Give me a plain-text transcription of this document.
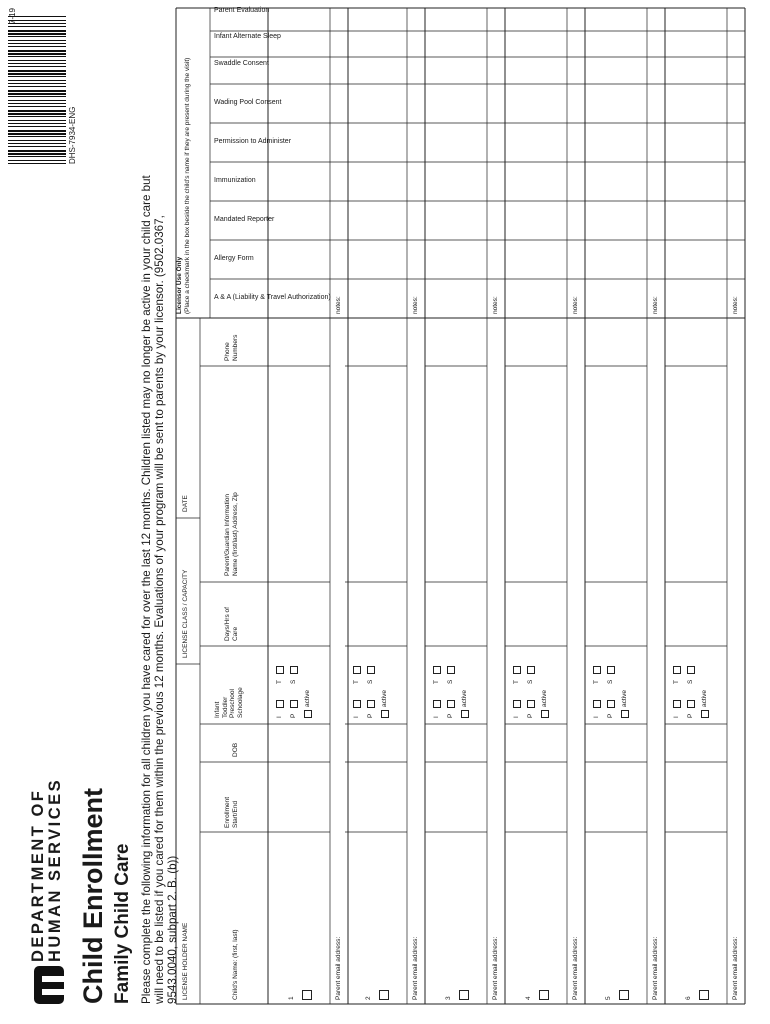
DEPARTMENT OF HUMAN SERVICES Child Enrollment Family Child Care Please complete the following information for all children you have cared for over the last 12 months. Children listed may no longer be active in your child care but will need to be listed if you cared for them within the previous 12 months. Evaluations of your program will be sent to parents by your licensor. (9502.0367, 9543.0040, subpart 2. B. (b))
DHS-7934-ENG
7-19
LICENSE HOLDER NAME
LICENSE CLASS / CAPACITY
DATE
Child's Name: (first, last)
Enrollment Start/End
DOB
Infant Toddler Preschool Schoolage
Days/Hrs of Care
Parent/Guardian Information Name (first/last) Address, Zip
Phone Numbers
Licensor Use Only (Place a checkmark in the box beside the child's name if they are present during the visit)	A & A (Liability & Travel Authorization)
Allergy Form
Mandated Reporter
Immunization
Permission to Administer
Wading Pool Consent
Swaddle Consent
Infant Alternate Sleep
Parent Evaluation
1
I
T
P
S
active
Parent email address:
notes:
2
I
T
P
S
active
Parent email address:
notes:
3
I
T
P
S
active
Parent email address:
notes:
4
I
T
P
S
active
Parent email address:
notes:
5
I
T
P
S
active
Parent email address:
notes:
6
I
T
P
S
active
Parent email address:
notes:
